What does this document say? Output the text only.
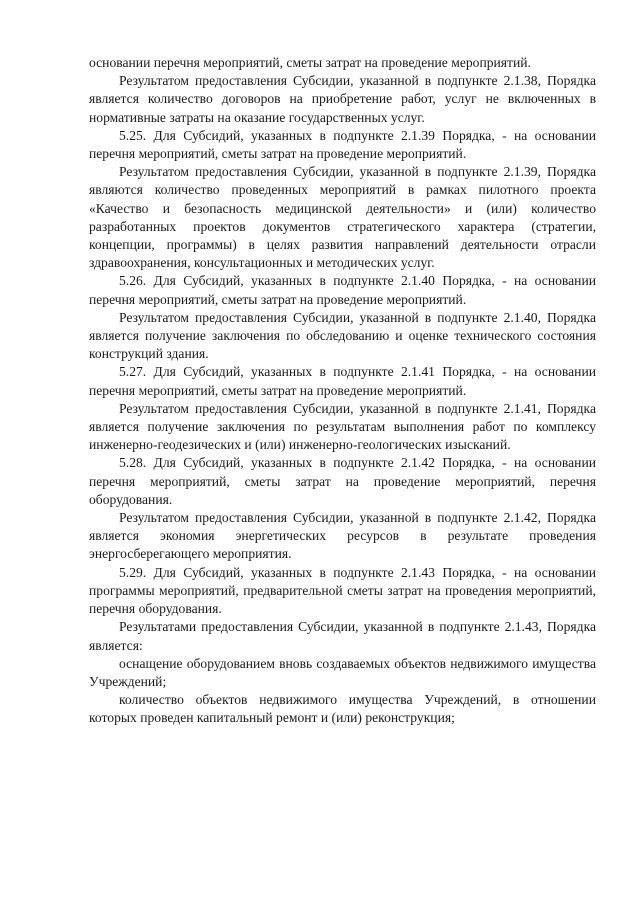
основании перечня мероприятий, сметы затрат на проведение мероприятий.

Результатом предоставления Субсидии, указанной в подпункте 2.1.38, Порядка является количество договоров на приобретение работ, услуг не включенных в нормативные затраты на оказание государственных услуг.

5.25. Для Субсидий, указанных в подпункте 2.1.39 Порядка, - на основании перечня мероприятий, сметы затрат на проведение мероприятий.

Результатом предоставления Субсидии, указанной в подпункте 2.1.39, Порядка являются количество проведенных мероприятий в рамках пилотного проекта «Качество и безопасность медицинской деятельности» и (или) количество разработанных проектов документов стратегического характера (стратегии, концепции, программы) в целях развития направлений деятельности отрасли здравоохранения, консультационных и методических услуг.

5.26. Для Субсидий, указанных в подпункте 2.1.40 Порядка, - на основании перечня мероприятий, сметы затрат на проведение мероприятий.

Результатом предоставления Субсидии, указанной в подпункте 2.1.40, Порядка является получение заключения по обследованию и оценке технического состояния конструкций здания.

5.27. Для Субсидий, указанных в подпункте 2.1.41 Порядка, - на основании перечня мероприятий, сметы затрат на проведение мероприятий.

Результатом предоставления Субсидии, указанной в подпункте 2.1.41, Порядка является получение заключения по результатам выполнения работ по комплексу инженерно-геодезических и (или) инженерно-геологических изысканий.

5.28. Для Субсидий, указанных в подпункте 2.1.42 Порядка, - на основании перечня мероприятий, сметы затрат на проведение мероприятий, перечня оборудования.

Результатом предоставления Субсидии, указанной в подпункте 2.1.42, Порядка является экономия энергетических ресурсов в результате проведения энергосберегающего мероприятия.

5.29. Для Субсидий, указанных в подпункте 2.1.43 Порядка, - на основании программы мероприятий, предварительной сметы затрат на проведения мероприятий, перечня оборудования.

Результатами предоставления Субсидии, указанной в подпункте 2.1.43, Порядка является:

оснащение оборудованием вновь создаваемых объектов недвижимого имущества Учреждений;

количество объектов недвижимого имущества Учреждений, в отношении которых проведен капитальный ремонт и (или) реконструкция;
